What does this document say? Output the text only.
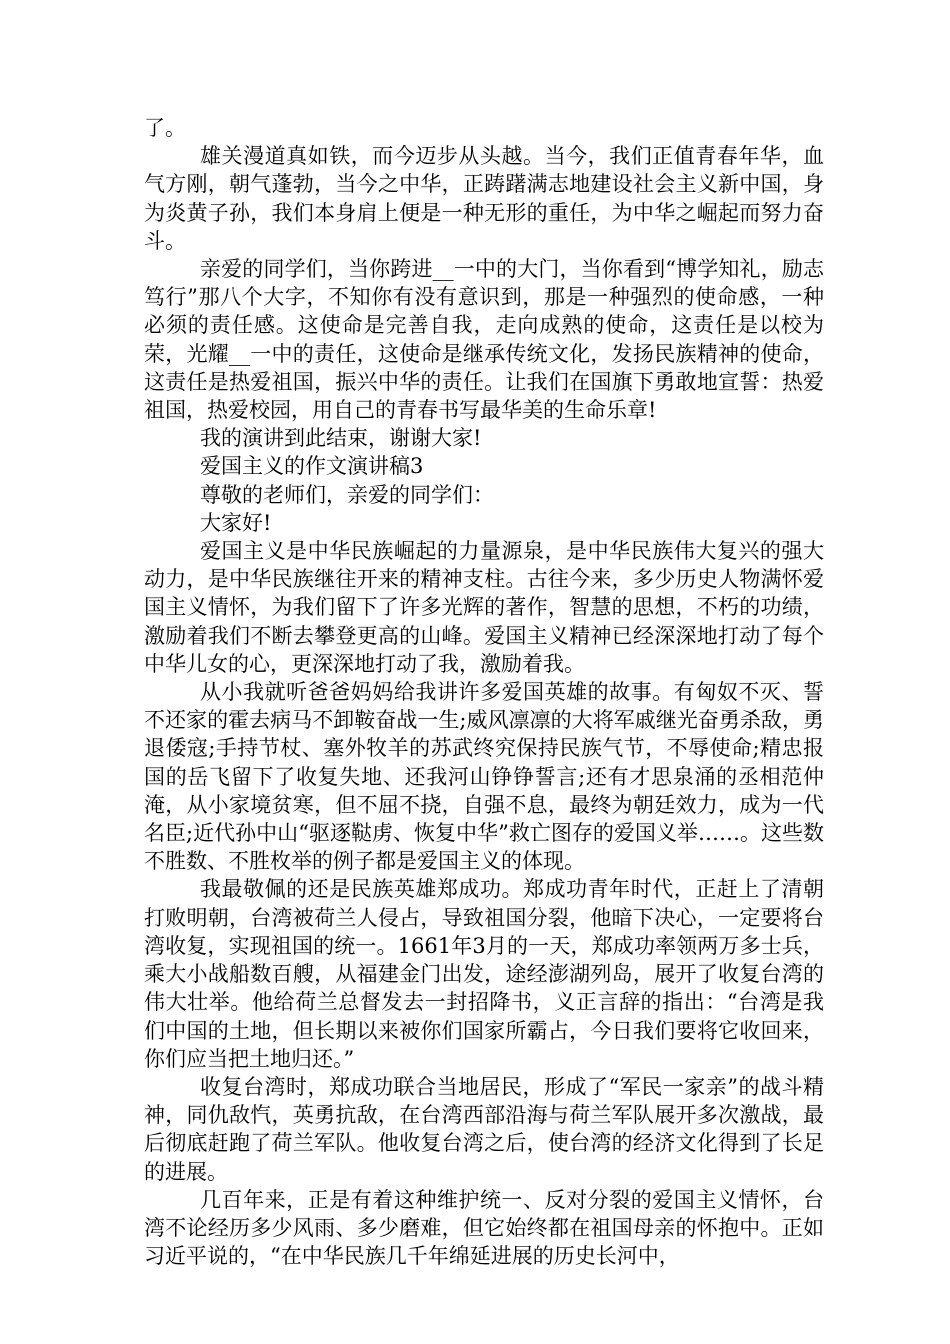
了。

雄关漫道真如铁，而今迈步从头越。当今，我们正值青春年华，血气方刚，朝气蓬勃，当今之中华，正踌躇满志地建设社会主义新中国，身为炎黄子孙，我们本身肩上便是一种无形的重任，为中华之崛起而努力奋斗。

亲爱的同学们，当你跨进__一中的大门，当你看到“博学知礼，励志笃行”那八个大字，不知你有没有意识到，那是一种强烈的使命感，一种必须的责任感。这使命是完善自我，走向成熟的使命，这责任是以校为荣，光耀__一中的责任，这使命是继承传统文化，发扬民族精神的使命，这责任是热爱祖国，振兴中华的责任。让我们在国旗下勇敢地宣誓：热爱祖国，热爱校园，用自己的青春书写最华美的生命乐章!

我的演讲到此结束，谢谢大家!

爱国主义的作文演讲稿3

尊敬的老师们，亲爱的同学们：

大家好!

爱国主义是中华民族崛起的力量源泉，是中华民族伟大复兴的强大动力，是中华民族继往开来的精神支柱。古往今来，多少历史人物满怀爱国主义情怀，为我们留下了许多光辉的著作，智慧的思想，不朽的功绩，激励着我们不断去攀登更高的山峰。爱国主义精神已经深深地打动了每个中华儿女的心，更深深地打动了我，激励着我。

从小我就听爸爸妈妈给我讲许多爱国英雄的故事。有匈奴不灭、誓不还家的霍去病马不卸鞍奋战一生;威风凛凛的大将军戚继光奋勇杀敌，勇退倭寇;手持节杖、塞外牧羊的苏武终究保持民族气节，不辱使命;精忠报国的岳飞留下了收复失地、还我河山铮铮誓言;还有才思泉涌的丞相范仲淹，从小家境贫寒，但不屈不挠，自强不息，最终为朝廷效力，成为一代名臣;近代孙中山“驱逐鞑虏、恢复中华”救亡图存的爱国义举……。这些数不胜数、不胜枚举的例子都是爱国主义的体现。

我最敬佩的还是民族英雄郑成功。郑成功青年时代，正赶上了清朝打败明朝，台湾被荷兰人侵占，导致祖国分裂，他暗下决心，一定要将台湾收复，实现祖国的统一。1661年3月的一天，郑成功率领两万多士兵，乘大小战船数百艘，从福建金门出发，途经澎湖列岛，展开了收复台湾的伟大壮举。他给荷兰总督发去一封招降书，义正言辞的指出：“台湾是我们中国的土地，但长期以来被你们国家所霸占，今日我们要将它收回来，你们应当把土地归还。”

收复台湾时，郑成功联合当地居民，形成了“军民一家亲”的战斗精神，同仇敌忾，英勇抗敌，在台湾西部沿海与荷兰军队展开多次激战，最后彻底赶跑了荷兰军队。他收复台湾之后，使台湾的经济文化得到了长足的进展。

几百年来，正是有着这种维护统一、反对分裂的爱国主义情怀，台湾不论经历多少风雨、多少磨难，但它始终都在祖国母亲的怀抱中。正如习近平说的，“在中华民族几千年绵延进展的历史长河中，
